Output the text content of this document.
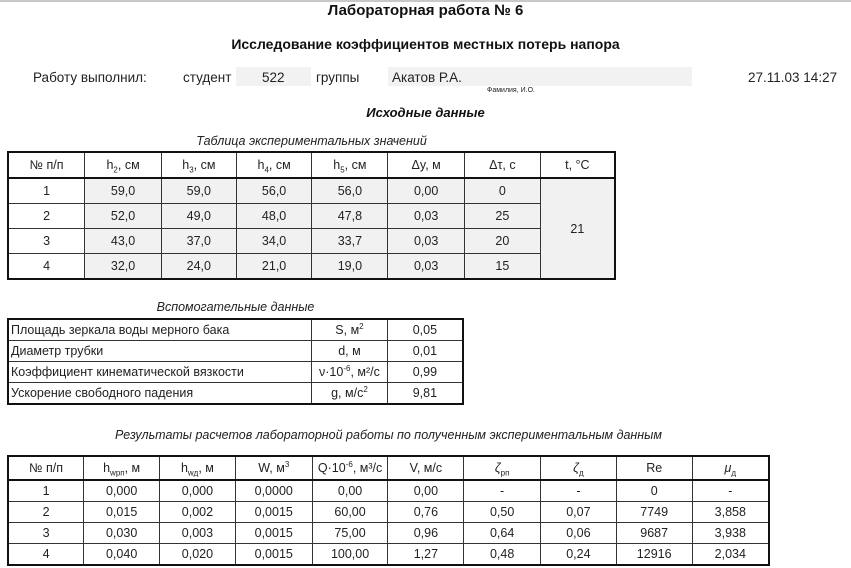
Лабораторная работа № 6
Исследование коэффициентов местных потерь напора
Работу выполнил:	студент 522 группы Акатов Р.А.
Фамилия, И.О.
27.11.03 14:27
Исходные данные
Таблица экспериментальных значений
№ п/п	$h_2$, см	$h_3$, см	$h_4$, см	$h_5$, см	Δy, м	Δτ, с	t, °C
1	59,0	59,0	56,0	56,0	0,00	0	21
2	52,0	49,0	48,0	47,8	0,03	25	
3	43,0	37,0	34,0	33,7	0,03	20	
4	32,0	24,0	21,0	19,0	0,03	15	
Вспомогательные данные
Площадь зеркала воды мерного бака	S, $м^2$	0,05
Диаметр трубки	d, м	0,01
Коэффициент кинематической вязкости	$\nu\cdot 10^{-6}$, м²/с	0,99
Ускорение свободного падения	g, $м/с^2$	9,81
Результаты расчетов лабораторной работы по полученным экспериментальным данным
№ п/п	$h_{wрп}$, м	$h_{wд}$, м	W, $м^3$	$Q\cdot 10^{-6}$, м³/с	V, м/с	$\zeta_{рп}$	$\zeta_д$	Re	$\mu_д$
1	0,000	0,000	0,0000	0,00	0,00	-	-	0	-
2	0,015	0,002	0,0015	60,00	0,76	0,50	0,07	7749	3,858
3	0,030	0,003	0,0015	75,00	0,96	0,64	0,06	9687	3,938
4	0,040	0,020	0,0015	100,00	1,27	0,48	0,24	12916	2,034
